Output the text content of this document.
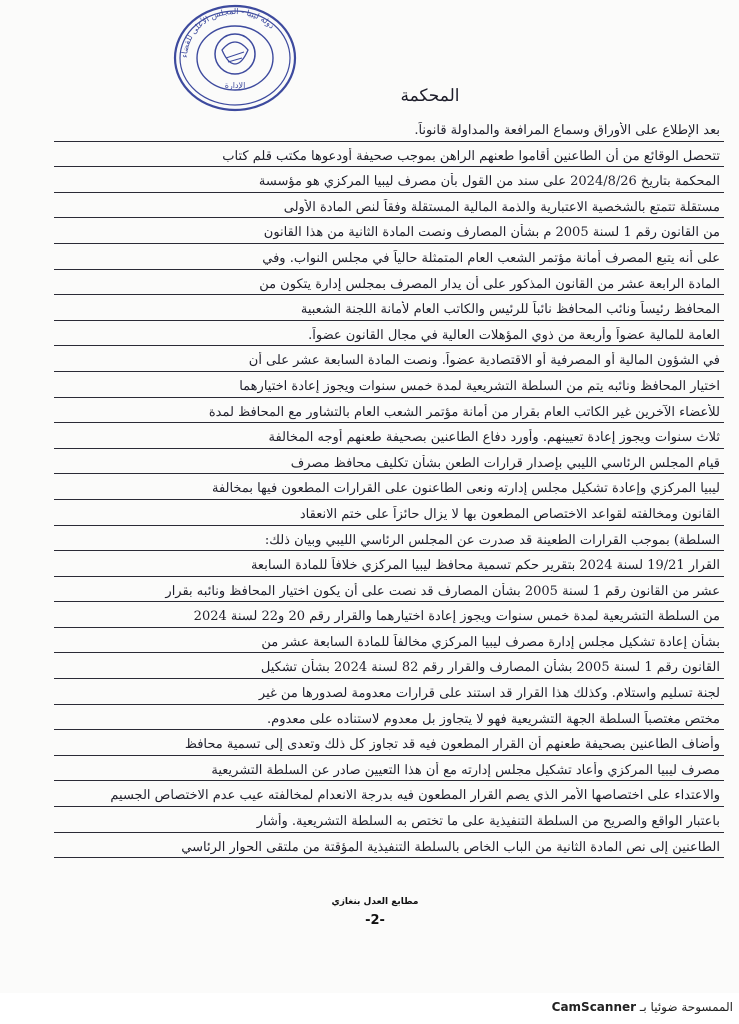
دولة ليبيا - المجلس الأعلى للقضاء
الإدارة
المحكمة
بعد الإطلاع على الأوراق وسماع المرافعة والمداولة قانوناً.
تتحصل الوقائع من أن الطاعنين أقاموا طعنهم الراهن بموجب صحيفة أودعوها مكتب قلم كتاب
المحكمة بتاريخ 2024/8/26 على سند من القول بأن مصرف ليبيا المركزي هو مؤسسة
مستقلة تتمتع بالشخصية الاعتبارية والذمة المالية المستقلة وفقاً لنص المادة الأولى
من القانون رقم 1 لسنة 2005 م بشأن المصارف ونصت المادة الثانية من هذا القانون
على أنه يتبع المصرف أمانة مؤتمر الشعب العام المتمثلة حالياً في مجلس النواب. وفي
المادة الرابعة عشر من القانون المذكور على أن يدار المصرف بمجلس إدارة يتكون من
المحافظ رئيساً ونائب المحافظ نائباً للرئيس والكاتب العام لأمانة اللجنة الشعبية
العامة للمالية عضواً وأربعة من ذوي المؤهلات العالية في مجال القانون عضواً.
في الشؤون المالية أو المصرفية أو الاقتصادية عضواً. ونصت المادة السابعة عشر على أن
اختيار المحافظ ونائبه يتم من السلطة التشريعية لمدة خمس سنوات ويجوز إعادة اختيارهما
للأعضاء الآخرين غير الكاتب العام بقرار من أمانة مؤتمر الشعب العام بالتشاور مع المحافظ لمدة
ثلاث سنوات ويجوز إعادة تعيينهم. وأورد دفاع الطاعنين بصحيفة طعنهم أوجه المخالفة
قيام المجلس الرئاسي الليبي بإصدار قرارات الطعن بشأن تكليف محافظ مصرف
ليبيا المركزي وإعادة تشكيل مجلس إدارته ونعى الطاعنون على القرارات المطعون فيها بمخالفة
القانون ومخالفته لقواعد الاختصاص المطعون بها لا يزال حائزاً على ختم الانعقاد
السلطة) بموجب القرارات الطعينة قد صدرت عن المجلس الرئاسي الليبي وبيان ذلك:
القرار 19/21 لسنة 2024 بتقرير حكم تسمية محافظ ليبيا المركزي خلافاً للمادة السابعة
عشر من القانون رقم 1 لسنة 2005 بشأن المصارف قد نصت على أن يكون اختيار المحافظ ونائبه بقرار
من السلطة التشريعية لمدة خمس سنوات ويجوز إعادة اختيارهما والقرار رقم 20 و22 لسنة 2024
بشأن إعادة تشكيل مجلس إدارة مصرف ليبيا المركزي مخالفاً للمادة السابعة عشر من
القانون رقم 1 لسنة 2005 بشأن المصارف والقرار رقم 82 لسنة 2024 بشأن تشكيل
لجنة تسليم واستلام. وكذلك هذا القرار قد استند على قرارات معدومة لصدورها من غير
مختص مغتصباً السلطة الجهة التشريعية فهو لا يتجاوز بل معدوم لاستناده على معدوم.
وأضاف الطاعنين بصحيفة طعنهم أن القرار المطعون فيه قد تجاوز كل ذلك وتعدى إلى تسمية محافظ
مصرف ليبيا المركزي وأعاد تشكيل مجلس إدارته مع أن هذا التعيين صادر عن السلطة التشريعية
والاعتداء على اختصاصها الأمر الذي يصم القرار المطعون فيه بدرجة الانعدام لمخالفته عيب عدم الاختصاص الجسيم
باعتبار الواقع والصريح من السلطة التنفيذية على ما تختص به السلطة التشريعية. وأشار
الطاعنين إلى نص المادة الثانية من الباب الخاص بالسلطة التنفيذية المؤقتة من ملتقى الحوار الرئاسي
مطابع العدل بنغازي
-2-
الممسوحة ضوئيا بـ CamScanner
